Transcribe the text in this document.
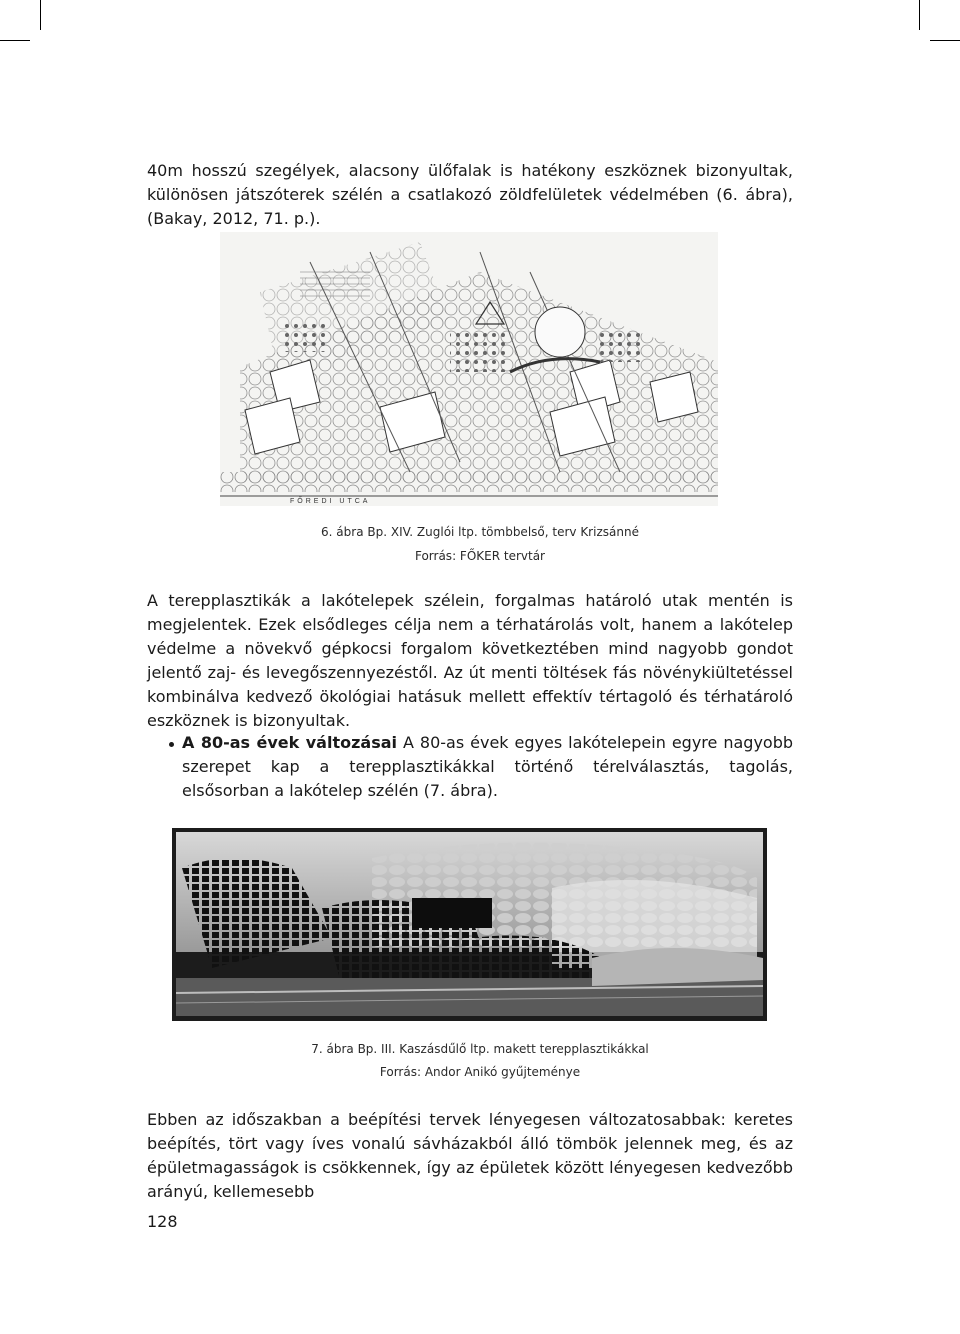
40m hosszú szegélyek, alacsony ülőfalak is hatékony eszköznek bizonyultak, különösen játszóterek szélén a csatlakozó zöldfelületek védelmében (6. ábra), (Bakay, 2012, 71. p.).

FŐREDI UTCA
6. ábra Bp. XIV. Zuglói ltp. tömbbelső, terv Krizsánné
Forrás: FŐKER tervtár

A terepplasztikák a lakótelepek szélein, forgalmas határoló utak mentén is megjelentek. Ezek elsődleges célja nem a térhatárolás volt, hanem a lakótelep védelme a növekvő gépkocsi forgalom következtében mind nagyobb gondot jelentő zaj- és levegőszennyezéstől. Az út menti töltések fás növénykiültetéssel kombinálva kedvező ökológiai hatásuk mellett effektív tértagoló és térhatároló eszköznek is bizonyultak.

A 80-as évek változásai A 80-as évek egyes lakótelepein egyre nagyobb szerepet kap a terepplasztikákkal történő térelválasztás, tagolás, elsősorban a lakótelep szélén (7. ábra).
7. ábra Bp. III. Kaszásdűlő ltp. makett terepplasztikákkal
Forrás: Andor Anikó gyűjteménye

Ebben az időszakban a beépítési tervek lényegesen változatosabbak: keretes beépítés, tört vagy íves vonalú sávházakból álló tömbök jelennek meg, és az épületmagasságok is csökkennek, így az épületek között lényegesen kedvezőbb arányú, kellemesebb

128
